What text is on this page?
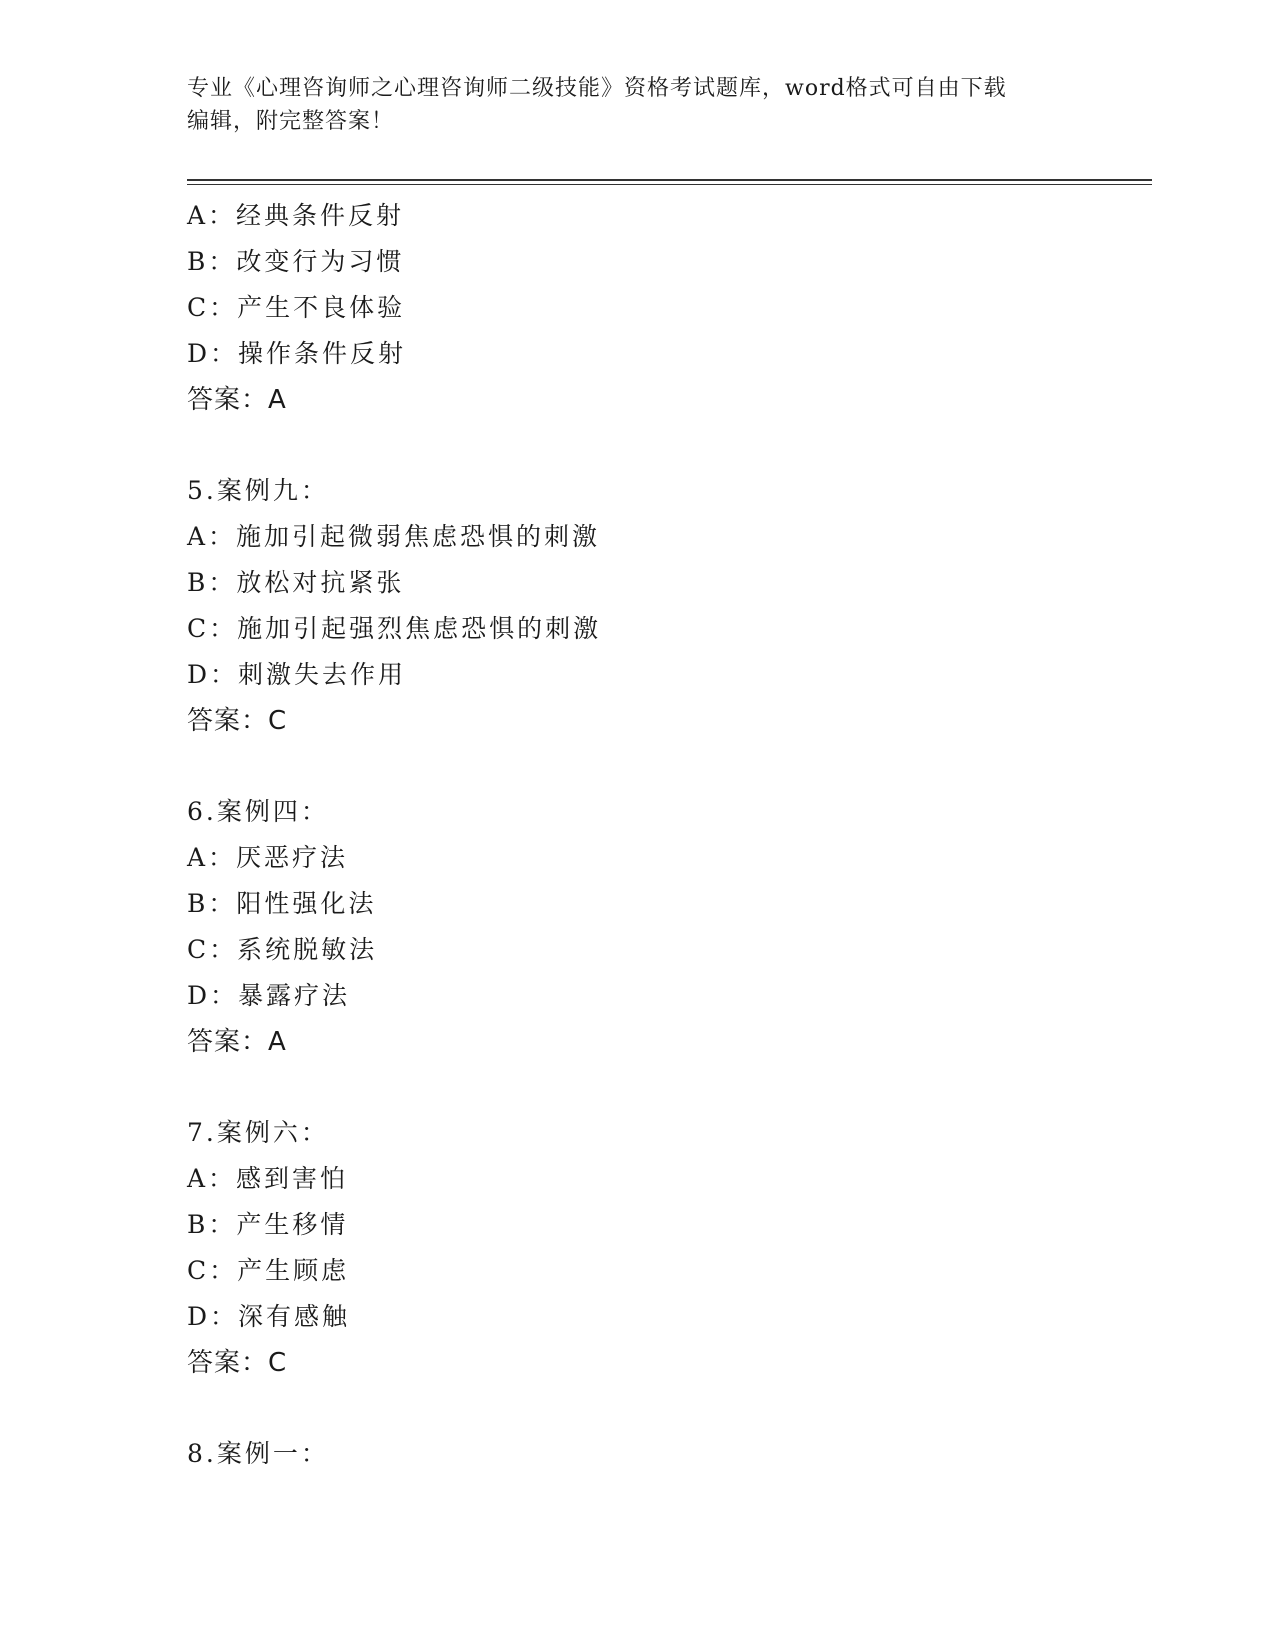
专业《心理咨询师之心理咨询师二级技能》资格考试题库，word格式可自由下载
编辑，附完整答案！
A：经典条件反射
B：改变行为习惯
C：产生不良体验
D：操作条件反射
答案：A
5.案例九：
A：施加引起微弱焦虑恐惧的刺激
B：放松对抗紧张
C：施加引起强烈焦虑恐惧的刺激
D：刺激失去作用
答案：C
6.案例四：
A：厌恶疗法
B：阳性强化法
C：系统脱敏法
D：暴露疗法
答案：A
7.案例六：
A：感到害怕
B：产生移情
C：产生顾虑
D：深有感触
答案：C
8.案例一：
